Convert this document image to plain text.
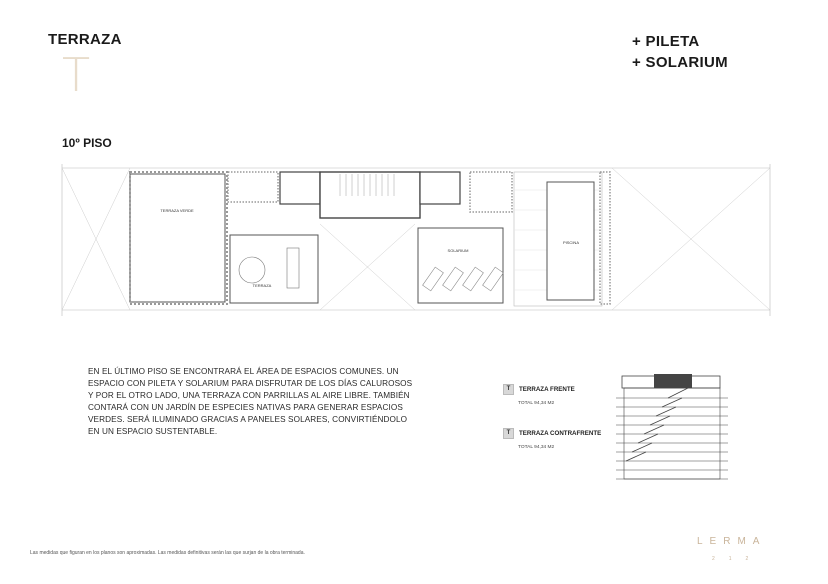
TERRAZA
T
+ PILETA
+ SOLARIUM
10º PISO
TERRAZA VERDE
TERRAZA
SOLARIUM
PISCINA
EN EL ÚLTIMO PISO SE ENCONTRARÁ EL ÁREA DE ESPACIOS COMUNES. UN ESPACIO CON PILETA Y SOLARIUM PARA DISFRUTAR DE LOS DÍAS CALUROSOS Y POR EL OTRO LADO, UNA TERRAZA CON PARRILLAS AL AIRE LIBRE. TAMBIÉN CONTARÁ CON UN JARDÍN DE ESPECIES NATIVAS PARA GENERAR ESPACIOS VERDES. SERÁ ILUMINADO GRACIAS A PANELES SOLARES, CONVIRTIÉNDOLO EN UN ESPACIO SUSTENTABLE.
T	TERRAZA FRENTE
TOTAL 94,34 M2
T	TERRAZA CONTRAFRENTE
TOTAL 94,34 M2
LERMA
212
Las medidas que figuran en los planos son aproximadas. Las medidas definitivas serán las que surjan de la obra terminada.
